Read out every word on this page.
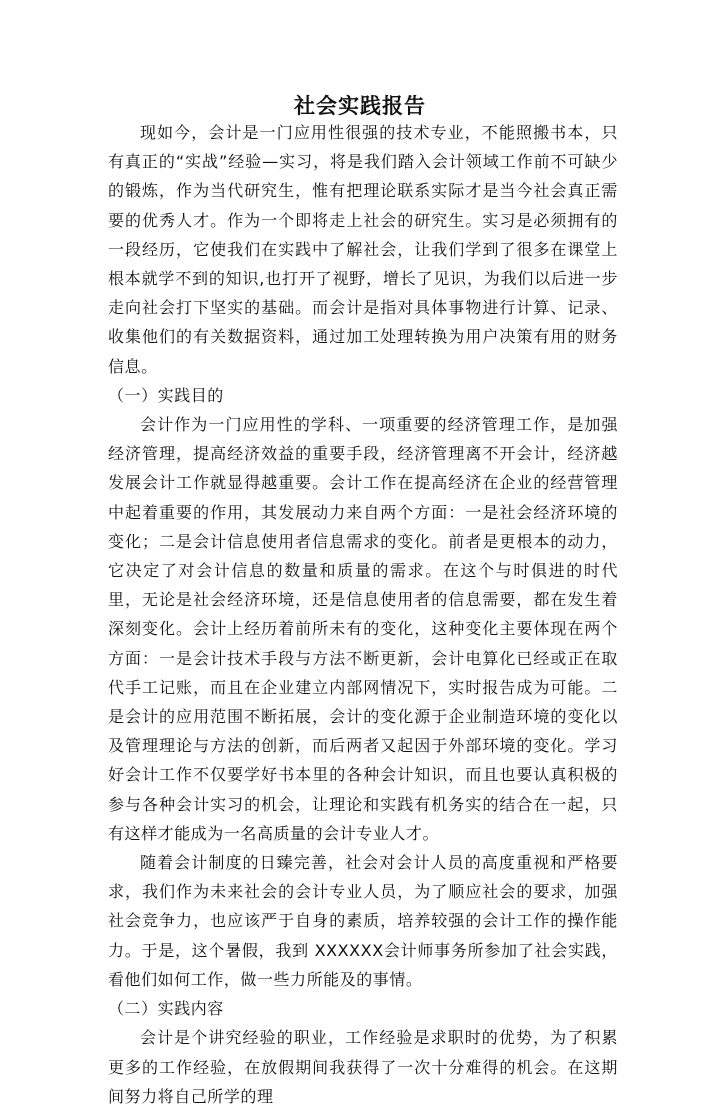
社会实践报告

现如今，会计是一门应用性很强的技术专业，不能照搬书本，只有真正的“实战”经验—实习，将是我们踏入会计领域工作前不可缺少的锻炼，作为当代研究生，惟有把理论联系实际才是当今社会真正需要的优秀人才。作为一个即将走上社会的研究生。实习是必须拥有的一段经历，它使我们在实践中了解社会，让我们学到了很多在课堂上根本就学不到的知识,也打开了视野，增长了见识，为我们以后进一步走向社会打下坚实的基础。而会计是指对具体事物进行计算、记录、收集他们的有关数据资料，通过加工处理转换为用户决策有用的财务信息。

（一）实践目的

会计作为一门应用性的学科、一项重要的经济管理工作，是加强经济管理，提高经济效益的重要手段，经济管理离不开会计，经济越发展会计工作就显得越重要。会计工作在提高经济在企业的经营管理中起着重要的作用，其发展动力来自两个方面：一是社会经济环境的变化；二是会计信息使用者信息需求的变化。前者是更根本的动力，它决定了对会计信息的数量和质量的需求。在这个与时俱进的时代里，无论是社会经济环境，还是信息使用者的信息需要，都在发生着深刻变化。会计上经历着前所未有的变化，这种变化主要体现在两个方面：一是会计技术手段与方法不断更新，会计电算化已经或正在取代手工记账，而且在企业建立内部网情况下，实时报告成为可能。二是会计的应用范围不断拓展，会计的变化源于企业制造环境的变化以及管理理论与方法的创新，而后两者又起因于外部环境的变化。学习好会计工作不仅要学好书本里的各种会计知识，而且也要认真积极的参与各种会计实习的机会，让理论和实践有机务实的结合在一起，只有这样才能成为一名高质量的会计专业人才。

随着会计制度的日臻完善，社会对会计人员的高度重视和严格要求，我们作为未来社会的会计专业人员，为了顺应社会的要求，加强社会竞争力，也应该严于自身的素质，培养较强的会计工作的操作能力。于是，这个暑假，我到 XXXXXX会计师事务所参加了社会实践，看他们如何工作，做一些力所能及的事情。

（二）实践内容

会计是个讲究经验的职业，工作经验是求职时的优势，为了积累更多的工作经验，在放假期间我获得了一次十分难得的机会。在这期间努力将自己所学的理
